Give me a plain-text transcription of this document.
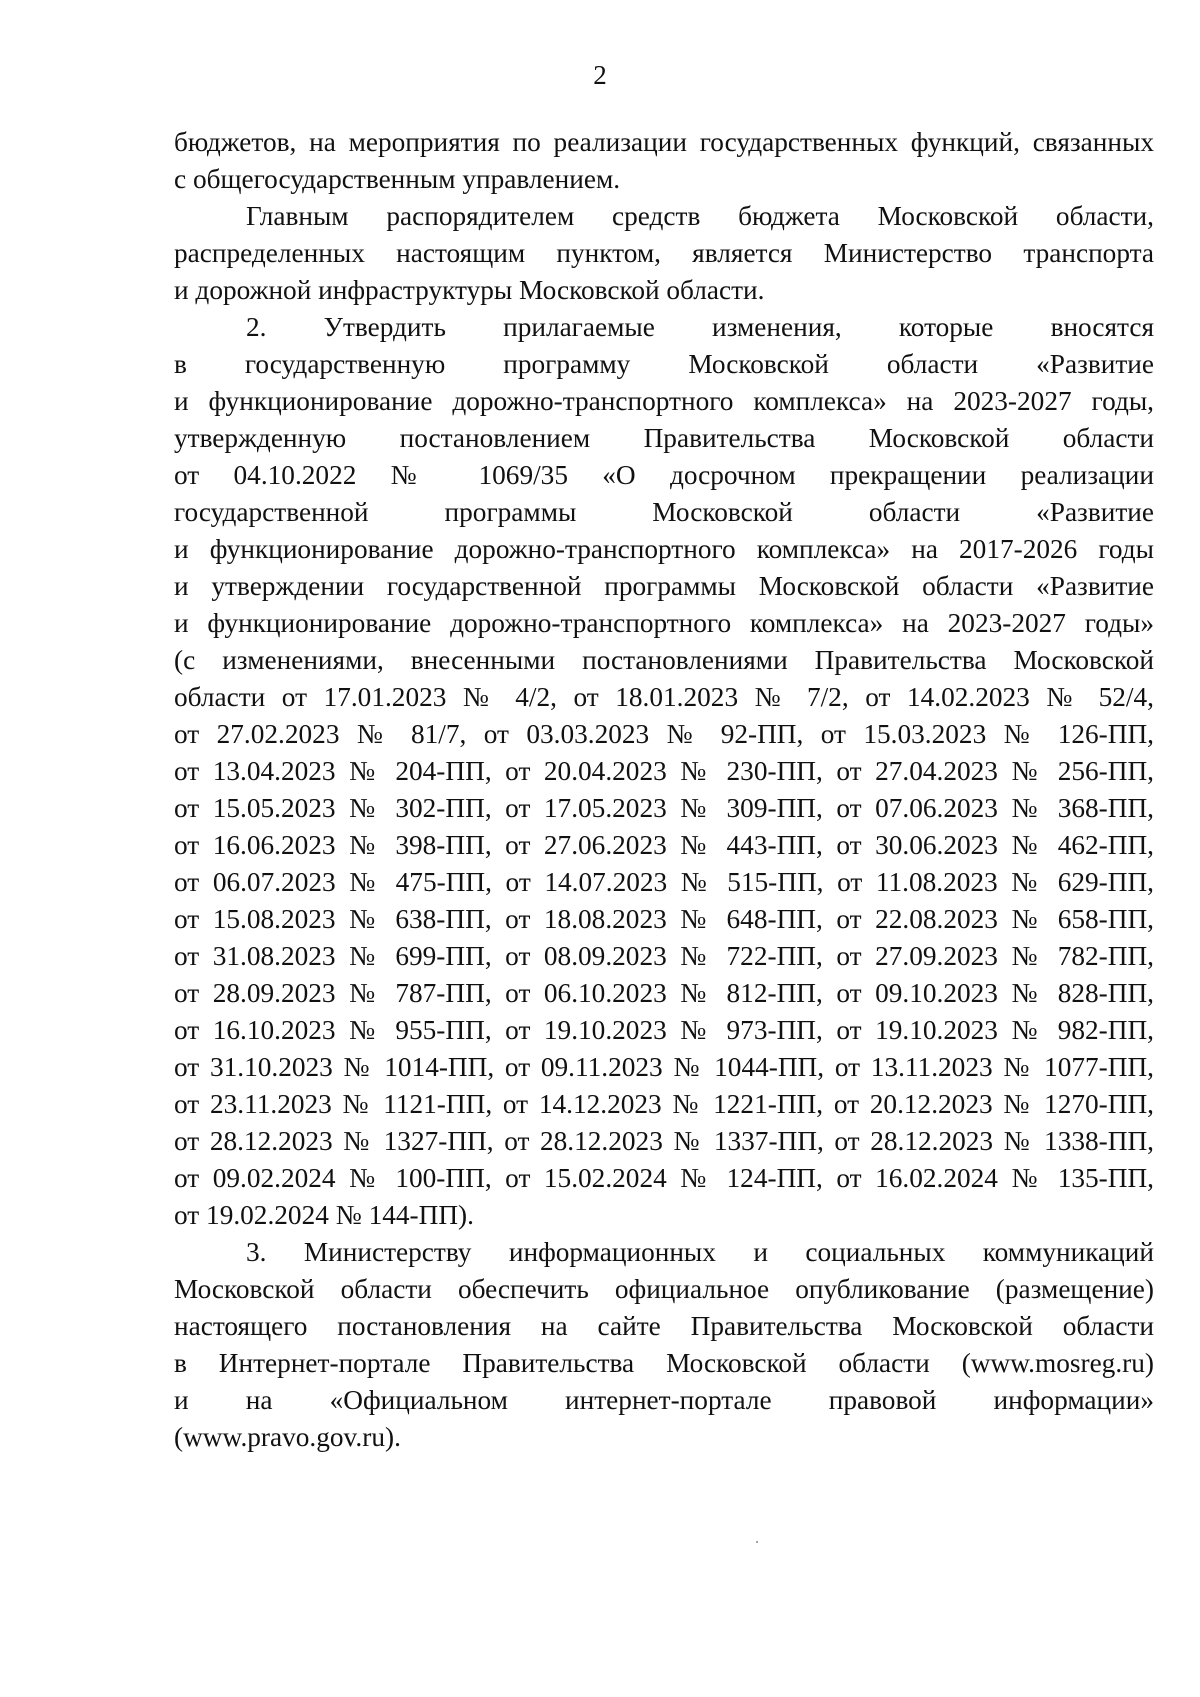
2

бюджетов, на мероприятия по реализации государственных функций, связанных
с общегосударственным управлением.

Главным распорядителем средств бюджета Московской области,
распределенных настоящим пунктом, является Министерство транспорта
и дорожной инфраструктуры Московской области.

2. Утвердить прилагаемые изменения, которые вносятся
в государственную программу Московской области «Развитие
и функционирование дорожно-транспортного комплекса» на 2023-2027 годы,
утвержденную постановлением Правительства Московской области
от 04.10.2022 № 1069/35 «О досрочном прекращении реализации
государственной программы Московской области «Развитие
и функционирование дорожно-транспортного комплекса» на 2017-2026 годы
и утверждении государственной программы Московской области «Развитие
и функционирование дорожно-транспортного комплекса» на 2023-2027 годы»
(с изменениями, внесенными постановлениями Правительства Московской
области от 17.01.2023 № 4/2, от 18.01.2023 № 7/2, от 14.02.2023 № 52/4,
от 27.02.2023 № 81/7, от 03.03.2023 № 92-ПП, от 15.03.2023 № 126-ПП,
от 13.04.2023 № 204-ПП, от 20.04.2023 № 230-ПП, от 27.04.2023 № 256-ПП,
от 15.05.2023 № 302-ПП, от 17.05.2023 № 309-ПП, от 07.06.2023 № 368-ПП,
от 16.06.2023 № 398-ПП, от 27.06.2023 № 443-ПП, от 30.06.2023 № 462-ПП,
от 06.07.2023 № 475-ПП, от 14.07.2023 № 515-ПП, от 11.08.2023 № 629-ПП,
от 15.08.2023 № 638-ПП, от 18.08.2023 № 648-ПП, от 22.08.2023 № 658-ПП,
от 31.08.2023 № 699-ПП, от 08.09.2023 № 722-ПП, от 27.09.2023 № 782-ПП,
от 28.09.2023 № 787-ПП, от 06.10.2023 № 812-ПП, от 09.10.2023 № 828-ПП,
от 16.10.2023 № 955-ПП, от 19.10.2023 № 973-ПП, от 19.10.2023 № 982-ПП,
от 31.10.2023 № 1014-ПП, от 09.11.2023 № 1044-ПП, от 13.11.2023 № 1077-ПП,
от 23.11.2023 № 1121-ПП, от 14.12.2023 № 1221-ПП, от 20.12.2023 № 1270-ПП,
от 28.12.2023 № 1327-ПП, от 28.12.2023 № 1337-ПП, от 28.12.2023 № 1338-ПП,
от 09.02.2024 № 100-ПП, от 15.02.2024 № 124-ПП, от 16.02.2024 № 135-ПП,
от 19.02.2024 № 144-ПП).

3. Министерству информационных и социальных коммуникаций
Московской области обеспечить официальное опубликование (размещение)
настоящего постановления на сайте Правительства Московской области
в Интернет-портале Правительства Московской области (www.mosreg.ru)
и на «Официальном интернет-портале правовой информации»
(www.pravo.gov.ru).
